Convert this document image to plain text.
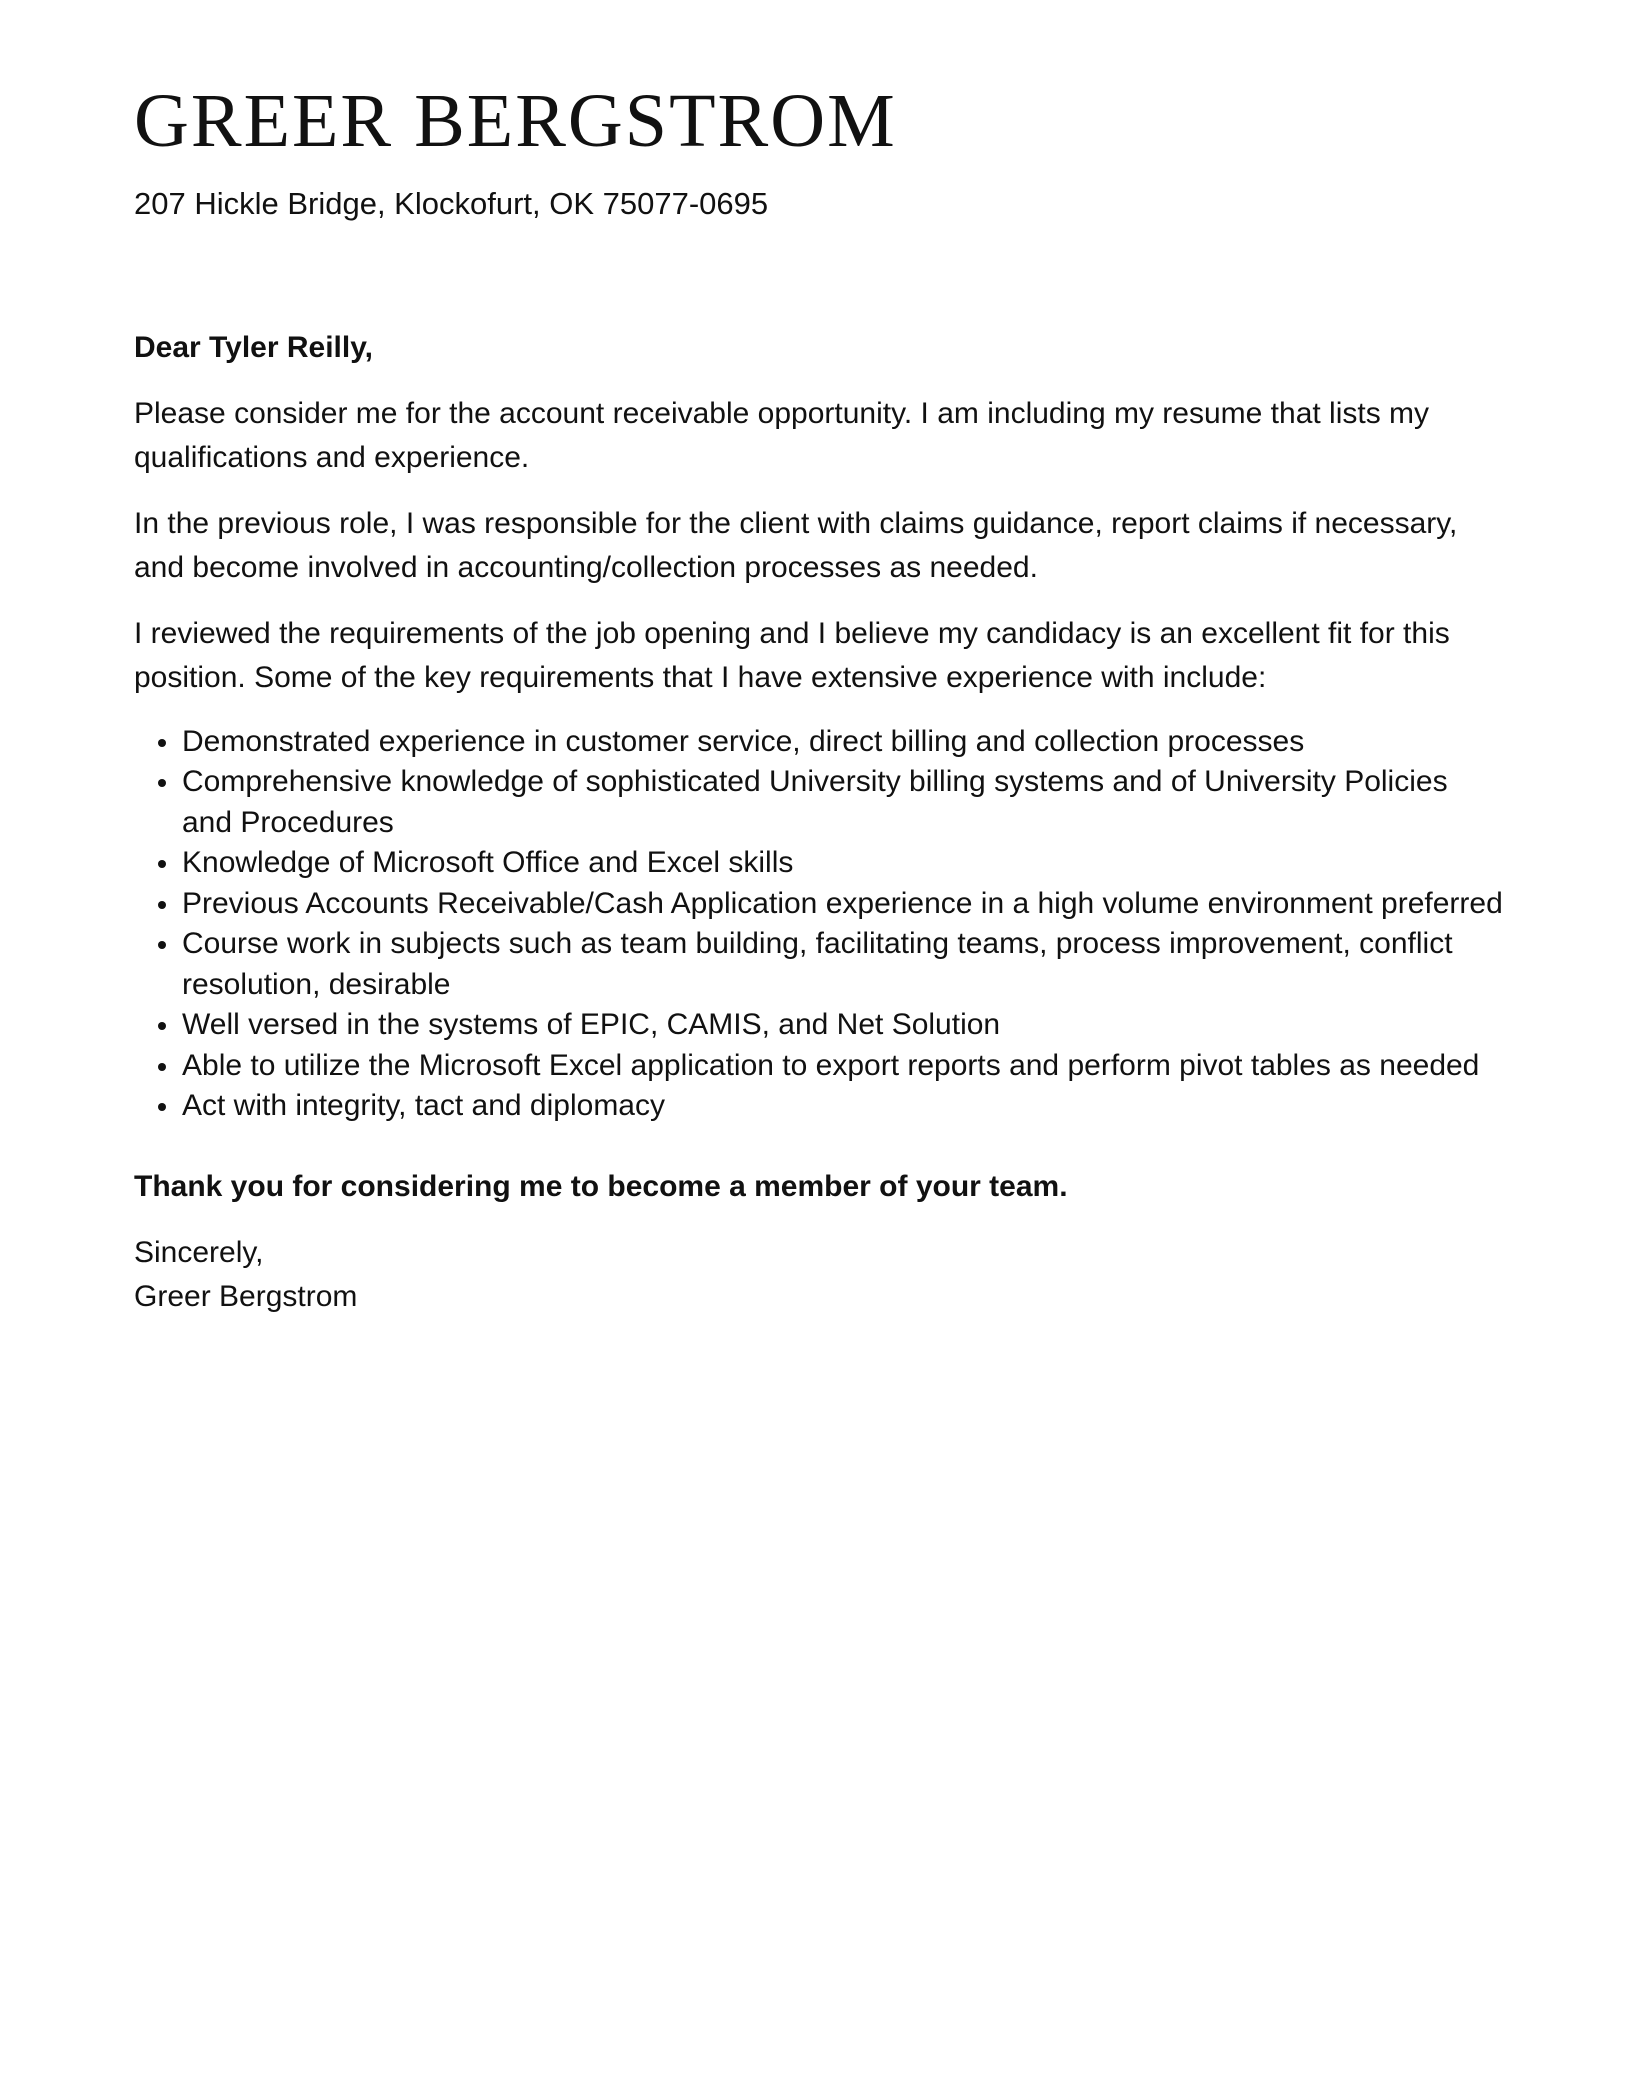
GREER BERGSTROM
207 Hickle Bridge, Klockofurt, OK 75077-0695

Dear Tyler Reilly,

Please consider me for the account receivable opportunity. I am including my resume that lists my qualifications and experience.

In the previous role, I was responsible for the client with claims guidance, report claims if necessary, and become involved in accounting/collection processes as needed.

I reviewed the requirements of the job opening and I believe my candidacy is an excellent fit for this position. Some of the key requirements that I have extensive experience with include:

Demonstrated experience in customer service, direct billing and collection processes
Comprehensive knowledge of sophisticated University billing systems and of University Policies and Procedures
Knowledge of Microsoft Office and Excel skills
Previous Accounts Receivable/Cash Application experience in a high volume environment preferred
Course work in subjects such as team building, facilitating teams, process improvement, conflict resolution, desirable
Well versed in the systems of EPIC, CAMIS, and Net Solution
Able to utilize the Microsoft Excel application to export reports and perform pivot tables as needed
Act with integrity, tact and diplomacy

Thank you for considering me to become a member of your team.

Sincerely,

Greer Bergstrom
